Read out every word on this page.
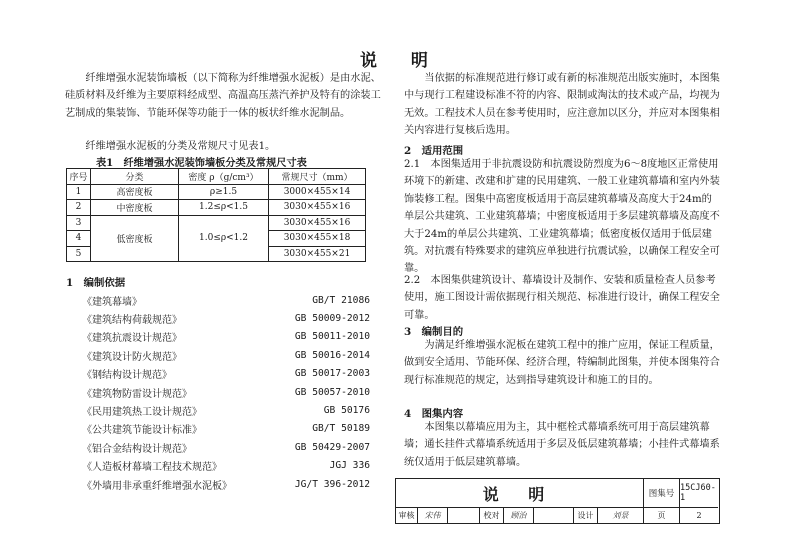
说 明
纤维增强水泥装饰墙板（以下简称为纤维增强水泥板）是由水泥、硅质材料及纤维为主要原料经成型、高温高压蒸汽养护及特有的涂装工艺制成的集装饰、节能环保等功能于一体的板状纤维水泥制品。
纤维增强水泥板的分类及常规尺寸见表1。
表1　纤维增强水泥装饰墙板分类及常规尺寸表
序号	分类	密度 ρ（g/cm³）	常规尺寸（mm）
1	高密度板	ρ≥1.5	3000×455×14
2	中密度板	1.2≤ρ<1.5	3030×455×16
3	低密度板	1.0≤ρ<1.2	3030×455×16
4			3030×455×18
5			3030×455×21
1　编制依据
《建筑幕墙》	GB/T 21086
《建筑结构荷载规范》	GB 50009-2012
《建筑抗震设计规范》	GB 50011-2010
《建筑设计防火规范》	GB 50016-2014
《钢结构设计规范》	GB 50017-2003
《建筑物防雷设计规范》	GB 50057-2010
《民用建筑热工设计规范》	GB 50176
《公共建筑节能设计标准》	GB/T 50189
《铝合金结构设计规范》	GB 50429-2007
《人造板材幕墙工程技术规范》	JGJ 336
《外墙用非承重纤维增强水泥板》	JG/T 396-2012
当依据的标准规范进行修订或有新的标准规范出版实施时，本图集中与现行工程建设标准不符的内容、限制或淘汰的技术或产品，均视为无效。工程技术人员在参考使用时，应注意加以区分，并应对本图集相关内容进行复核后选用。
2　适用范围
2.1　本图集适用于非抗震设防和抗震设防烈度为6～8度地区正常使用环境下的新建、改建和扩建的民用建筑、一般工业建筑幕墙和室内外装饰装修工程。图集中高密度板适用于高层建筑幕墙及高度大于24m的单层公共建筑、工业建筑幕墙；中密度板适用于多层建筑幕墙及高度不大于24m的单层公共建筑、工业建筑幕墙；低密度板仅适用于低层建筑。对抗震有特殊要求的建筑应单独进行抗震试验，以确保工程安全可靠。
2.2　本图集供建筑设计、幕墙设计及制作、安装和质量检查人员参考使用，施工图设计需依据现行相关规范、标准进行设计，确保工程安全可靠。
3　编制目的
为满足纤维增强水泥板在建筑工程中的推广应用，保证工程质量，做到安全适用、节能环保、经济合理，特编制此图集，并使本图集符合现行标准规范的规定，达到指导建筑设计和施工的目的。
4　图集内容
本图集以幕墙应用为主，其中框栓式幕墙系统可用于高层建筑幕墙；通长挂件式幕墙系统适用于多层及低层建筑幕墙；小挂件式幕墙系统仅适用于低层建筑幕墙。
说 明	图集号
15CJ60-1
审核	宋伟	校对	顾治	设计	刘景	页	2
